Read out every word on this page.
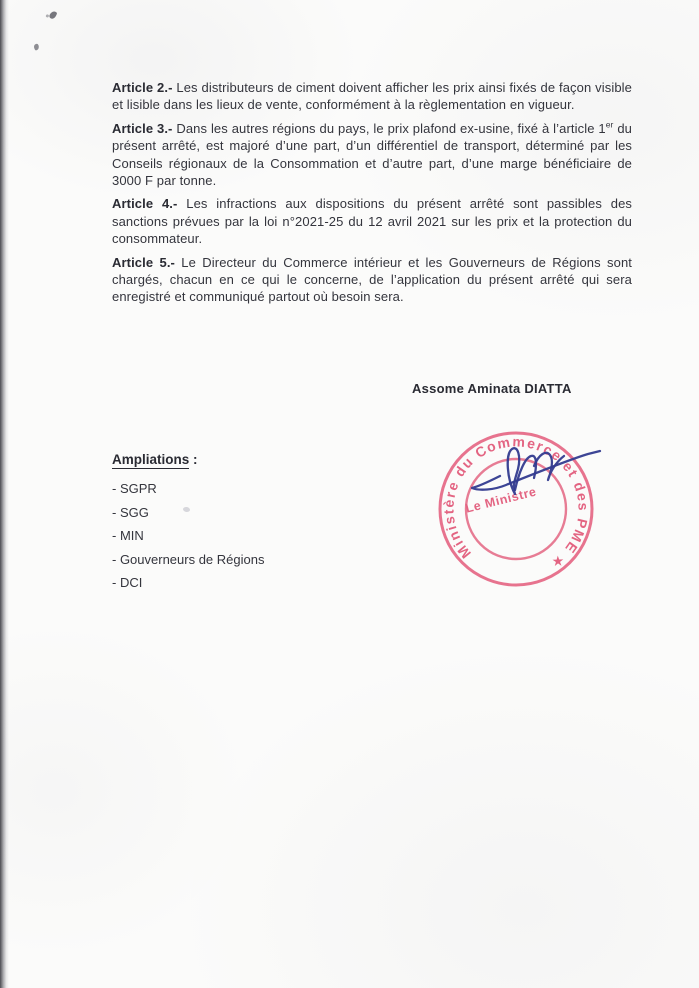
Article 2.- Les distributeurs de ciment doivent afficher les prix ainsi fixés de façon visible et lisible dans les lieux de vente, conformément à la règlementation en vigueur.

Article 3.- Dans les autres régions du pays, le prix plafond ex-usine, fixé à l’article 1er du présent arrêté, est majoré d’une part, d’un différentiel de transport, déterminé par les Conseils régionaux de la Consommation et d’autre part, d’une marge bénéficiaire de 3000 F par tonne.

Article 4.- Les infractions aux dispositions du présent arrêté sont passibles des sanctions prévues par la loi n°2021-25 du 12 avril 2021 sur les prix et la protection du consommateur.

Article 5.- Le Directeur du Commerce intérieur et les Gouverneurs de Régions sont chargés, chacun en ce qui le concerne, de l’application du présent arrêté qui sera enregistré et communiqué partout où besoin sera.

Assome Aminata DIATTA
Ampliations :
- SGPR
- SGG
- MIN
- Gouverneurs de Régions
- DCI
Ministère du Commerce et des PME ★
Le Ministre
